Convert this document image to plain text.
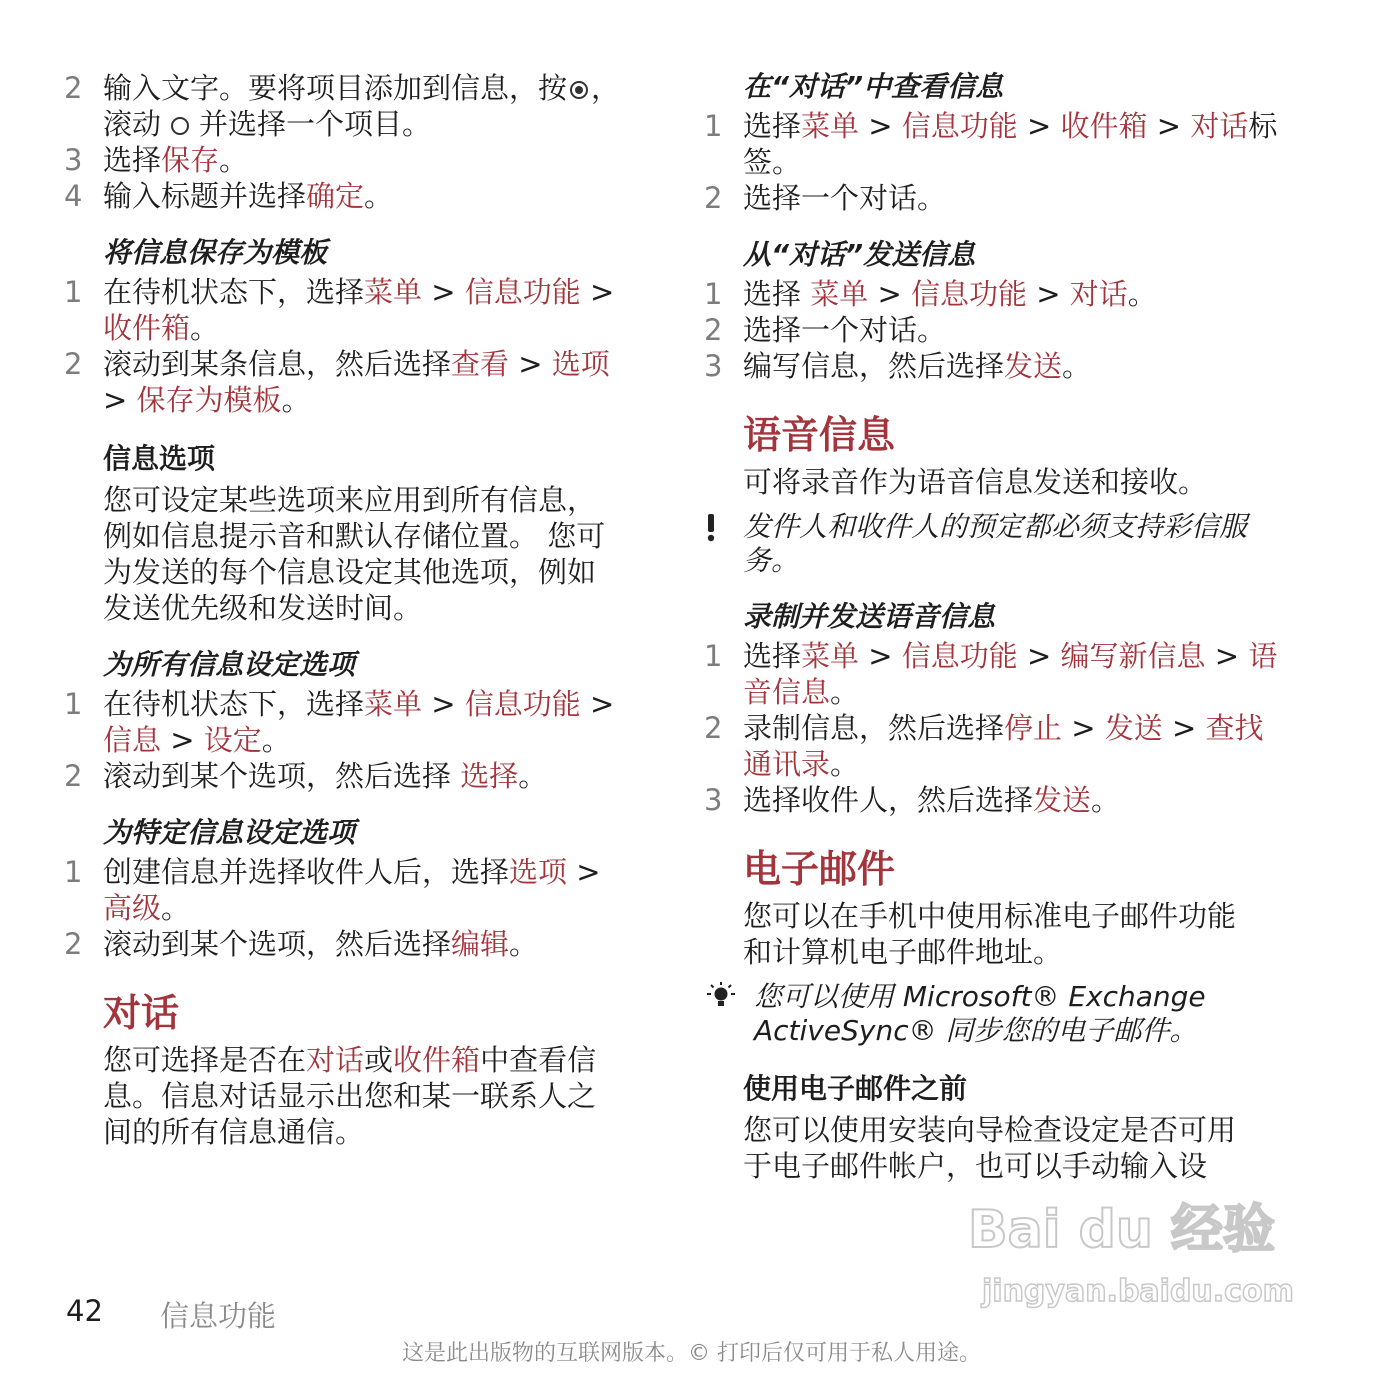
2 输入文字。要将项目添加到信息，按 ，
滚动 并选择一个项目。
3 选择保存。
4 输入标题并选择确定。
将信息保存为模板
1 在待机状态下，选择菜单 > 信息功能 >
收件箱。
2 滚动到某条信息，然后选择查看 > 选项
> 保存为模板。
信息选项
您可设定某些选项来应用到所有信息，
例如信息提示音和默认存储位置。 您可
为发送的每个信息设定其他选项，例如
发送优先级和发送时间。
为所有信息设定选项
1 在待机状态下，选择菜单 > 信息功能 >
信息 > 设定。
2 滚动到某个选项，然后选择 选择。
为特定信息设定选项
1 创建信息并选择收件人后，选择选项 >
高级。
2 滚动到某个选项，然后选择编辑。
对话
您可选择是否在对话或收件箱中查看信
息。信息对话显示出您和某一联系人之
间的所有信息通信。
在“对话”中查看信息
1 选择菜单 > 信息功能 > 收件箱 > 对话标
签。
2 选择一个对话。
从“对话”发送信息
1 选择 菜单 > 信息功能 > 对话。
2 选择一个对话。
3 编写信息，然后选择发送。
语音信息
可将录音作为语音信息发送和接收。
发件人和收件人的预定都必须支持彩信服
务。
录制并发送语音信息
1 选择菜单 > 信息功能 > 编写新信息 > 语
音信息。
2 录制信息，然后选择停止 > 发送 > 查找
通讯录。
3 选择收件人，然后选择发送。
电子邮件
您可以在手机中使用标准电子邮件功能
和计算机电子邮件地址。
您可以使用 Microsoft® Exchange
ActiveSync® 同步您的电子邮件。
使用电子邮件之前
您可以使用安装向导检查设定是否可用
于电子邮件帐户，也可以手动输入设
Bai du 经验
jingyan.baidu.com
42 信息功能
这是此出版物的互联网版本。© 打印后仅可用于私人用途。
